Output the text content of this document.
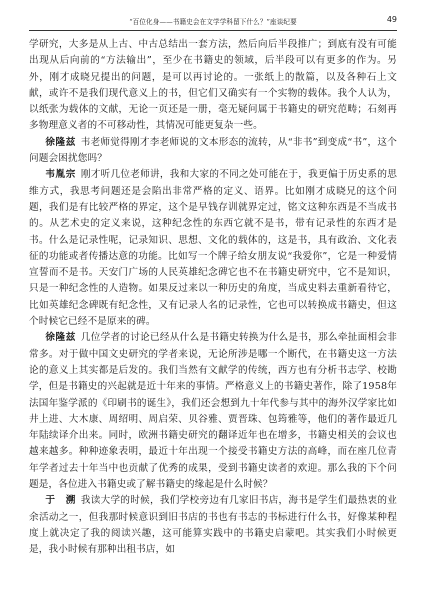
“百位化身——书籍史会在文学学科留下什么？”座谈纪要	49

学研究，大多是从上古、中古总结出一套方法，然后向后半段推广；到底有没有可能出现从后向前的“方法输出”，至少在书籍史的领域，后半段可以有更多的作为。另外，刚才成晓兄提出的问题，是可以再讨论的。一张纸上的散篇，以及各种石上文献，或许不是我们现代意义上的书，但它们又确实有一个实物的载体。我个人认为，以纸张为载体的文献，无论一页还是一册，毫无疑问属于书籍史的研究范畴；石刻再多物理意义者的不可移动性，其情况可能更复杂一些。

徐隆兹 韦老师觉得刚才李老师说的文本形态的流转，从“非书”到变成“书”，这个问题会困扰您吗？

韦胤宗 刚才听几位老师讲，我和大家的不同之处可能在于，我更偏于历史系的思维方式，我思考问题还是会陷出非常严格的定义、语界。比如刚才成晓兄的这个问题，我们是有比较严格的界定，这个是早钱存训就界定过，铭文这种东西是不当成书的。从艺术史的定义来说，这种纪念性的东西它就不是书，带有记录性的东西才是书。什么是记录性呢，记录知识、思想、文化的载体的，这是书，具有政治、文化表征的功能或者传播达意的功能。比如写一个牌子给女朋友说“我爱你”，它是一种爱情宣誓而不是书。天安门广场的人民英雄纪念碑它也不在书籍史研究中，它不是知识，只是一种纪念性的人造物。如果反过来以一种历史的角度，当成史料去重新看待它，比如英雄纪念碑既有纪念性，又有记录人名的记录性，它也可以转换成书籍史，但这个时候它已经不是原来的碑。

徐隆兹 几位学者的讨论已经从什么是书籍史转换为什么是书，那么牵扯面相会非常多。对于做中国文史研究的学者来说，无论所涉是哪一个断代，在书籍史这一方法论的意义上其实都是后发的。我们当然有文献学的传统，西方也有分析书志学、校勘学，但是书籍史的兴起就是近十年来的事情。严格意义上的书籍史著作，除了1958年法国年鉴学派的《印刷书的诞生》，我们还会想到九十年代参与其中的海外汉学家比如井上进、大木康、周绍明、周启荣、贝谷雅、贾晋珠、包筠雅等，他们的著作最近几年陆续译介出来。同时，欧洲书籍史研究的翻译近年也在增多，书籍史相关的会议也越来越多。种种迹象表明，最近十年出现一个接受书籍史方法的高峰，而在座几位青年学者过去十年当中也贡献了优秀的成果，受到书籍史读者的欢迎。那么我的下个问题是，各位进入书籍史或了解书籍史的缘起是什么时候？

于　溯 我读大学的时候，我们学校旁边有几家旧书店，海书是学生们最热衷的业余活动之一，但我那时候意识到旧书店的书也有书志的书标进行什么书，好像某种程度上就决定了我的阅读兴趣，这可能算实践中的书籍史启蒙吧。其实我们小时候更是，我小时候有那种出租书店，如
